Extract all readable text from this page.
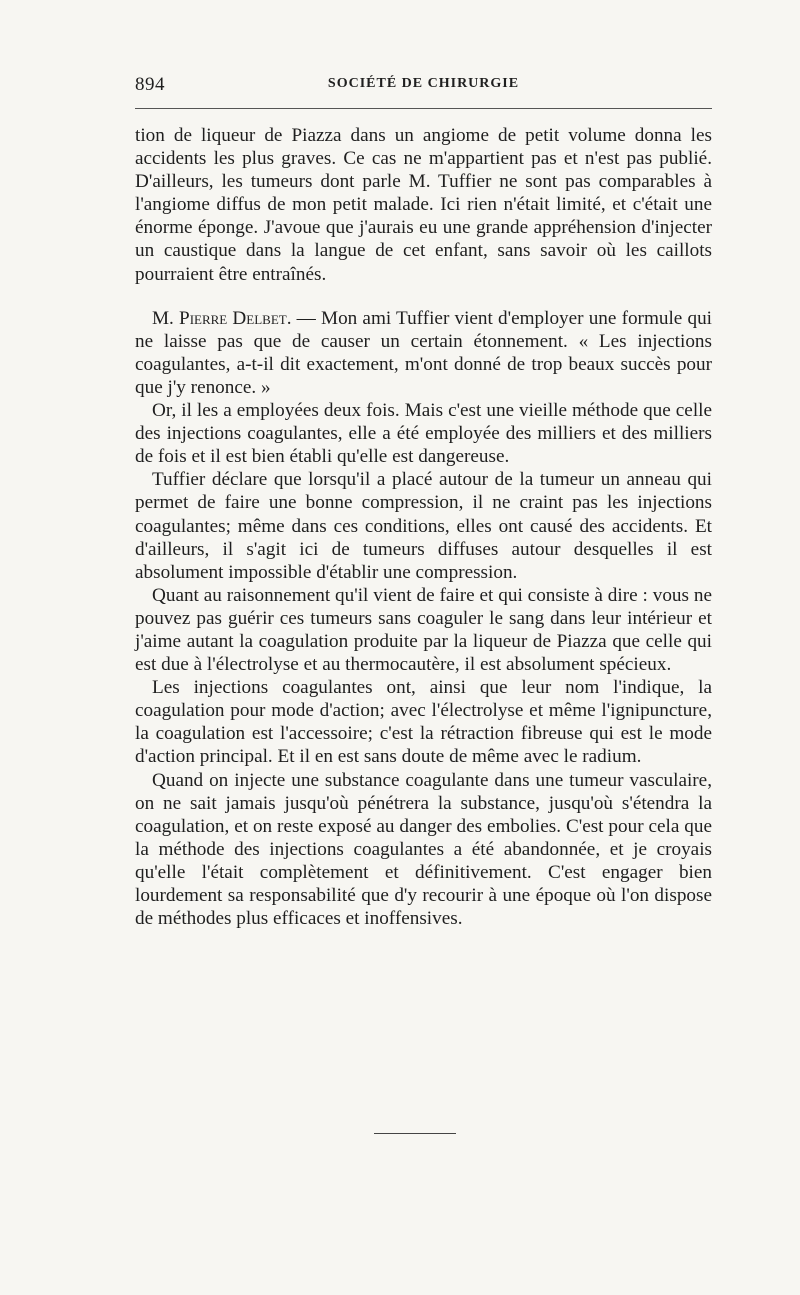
894	SOCIÉTÉ DE CHIRURGIE

tion de liqueur de Piazza dans un angiome de petit volume donna les accidents les plus graves. Ce cas ne m'appartient pas et n'est pas publié. D'ailleurs, les tumeurs dont parle M. Tuffier ne sont pas comparables à l'angiome diffus de mon petit malade. Ici rien n'était limité, et c'était une énorme éponge. J'avoue que j'aurais eu une grande appréhension d'injecter un caustique dans la langue de cet enfant, sans savoir où les caillots pourraient être entraînés.

M. Pierre Delbet. — Mon ami Tuffier vient d'employer une formule qui ne laisse pas que de causer un certain étonnement. « Les injections coagulantes, a-t-il dit exactement, m'ont donné de trop beaux succès pour que j'y renonce. »

Or, il les a employées deux fois. Mais c'est une vieille méthode que celle des injections coagulantes, elle a été employée des milliers et des milliers de fois et il est bien établi qu'elle est dangereuse.

Tuffier déclare que lorsqu'il a placé autour de la tumeur un anneau qui permet de faire une bonne compression, il ne craint pas les injections coagulantes; même dans ces conditions, elles ont causé des accidents. Et d'ailleurs, il s'agit ici de tumeurs diffuses autour desquelles il est absolument impossible d'établir une compression.

Quant au raisonnement qu'il vient de faire et qui consiste à dire : vous ne pouvez pas guérir ces tumeurs sans coaguler le sang dans leur intérieur et j'aime autant la coagulation produite par la liqueur de Piazza que celle qui est due à l'électrolyse et au thermocautère, il est absolument spécieux.

Les injections coagulantes ont, ainsi que leur nom l'indique, la coagulation pour mode d'action; avec l'électrolyse et même l'ignipuncture, la coagulation est l'accessoire; c'est la rétraction fibreuse qui est le mode d'action principal. Et il en est sans doute de même avec le radium.

Quand on injecte une substance coagulante dans une tumeur vasculaire, on ne sait jamais jusqu'où pénétrera la substance, jusqu'où s'étendra la coagulation, et on reste exposé au danger des embolies. C'est pour cela que la méthode des injections coagulantes a été abandonnée, et je croyais qu'elle l'était complètement et définitivement. C'est engager bien lourdement sa responsabilité que d'y recourir à une époque où l'on dispose de méthodes plus efficaces et inoffensives.
